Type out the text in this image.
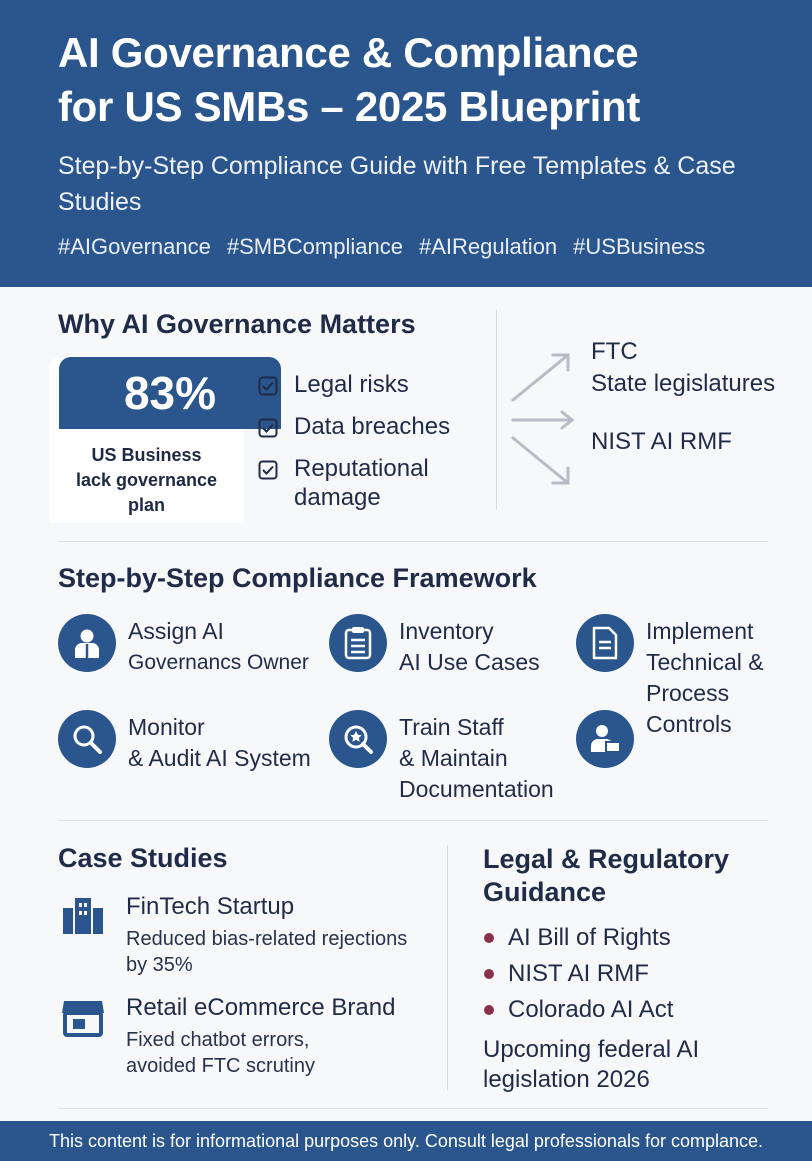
AI Governance & Compliance
for US SMBs – 2025 Blueprint
Step-by-Step Compliance Guide with Free Templates & Case Studies
#AIGovernance #SMBCompliance #AIRegulation #USBusiness
Why AI Governance Matters
83%
US Business
lack governance
plan
Legal risks
Data breaches
Reputational damage
FTC
State legislatures
NIST AI RMF
Step-by-Step Compliance Framework
Assign AI
Governancs Owner
Inventory
AI Use Cases
Implement
Technical &
Process
Controls
Monitor
& Audit AI System
Train Staff
& Maintain
Documentation
Case Studies
FinTech Startup
Reduced bias-related rejections
by 35%
Retail eCommerce Brand
Fixed chatbot errors,
avoided FTC scrutiny
Legal & Regulatory
Guidance
AI Bill of Rights
NIST AI RMF
Colorado AI Act
Upcoming federal AI
legislation 2026
This content is for informational purposes only. Consult legal professionals for complance.
